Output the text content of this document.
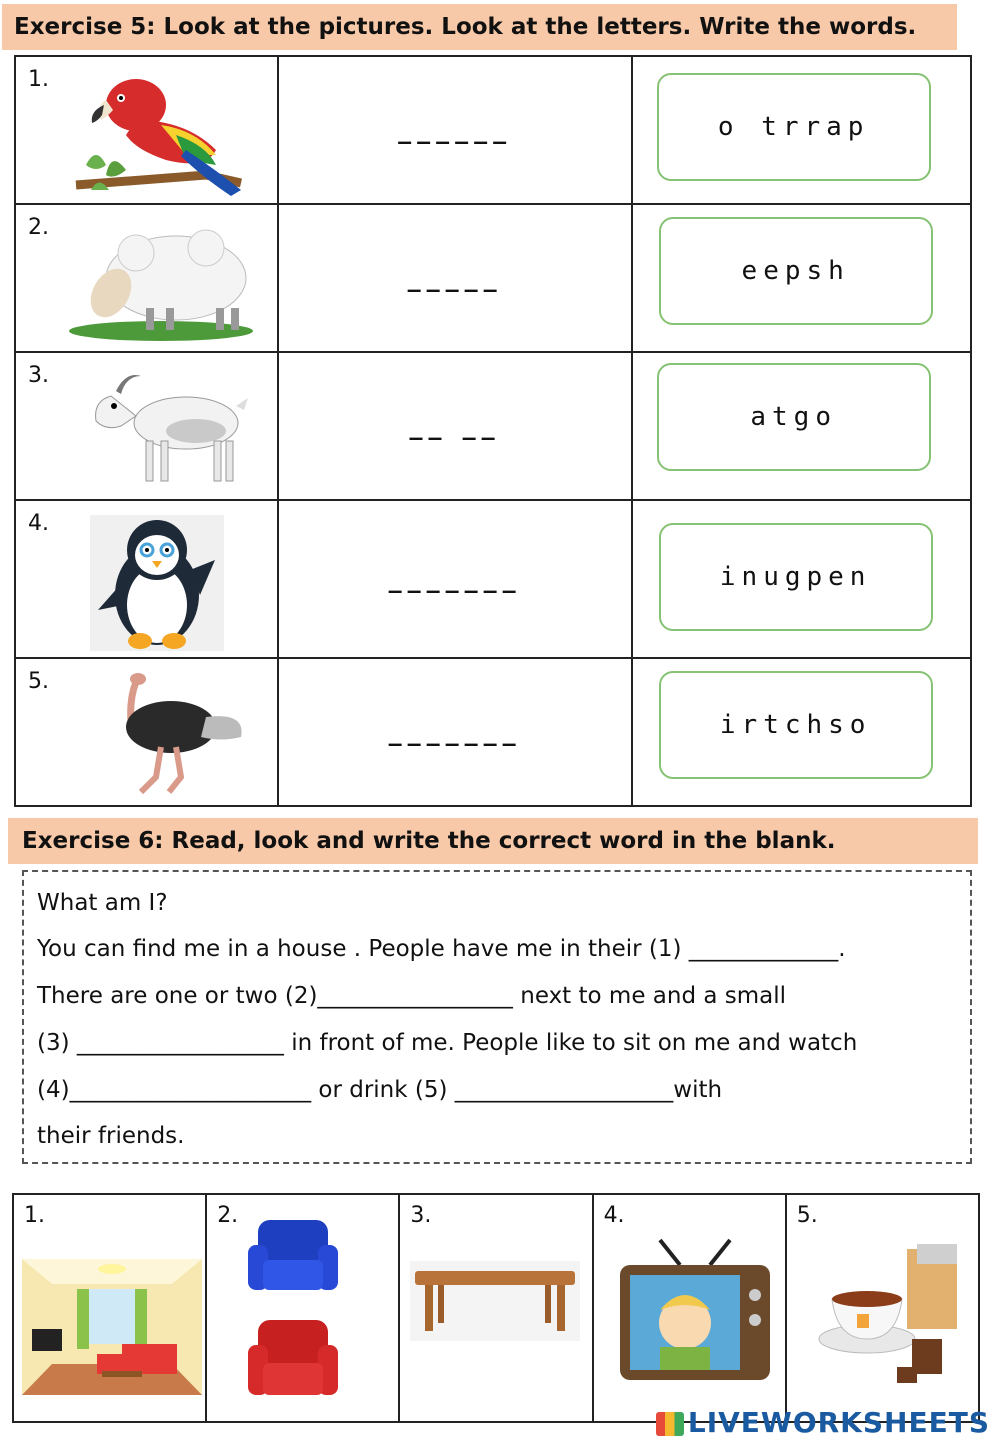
Exercise 5: Look at the pictures. Look at the letters. Write the words.
1.	______	o trrap

2.	_____	eepsh

3.	__ __	atgo

4.	_______	inugpen

5.	_______	irtchso
Exercise 6: Read, look and write the correct word in the blank.
What am I?
You can find me in a house . People have me in their (1) _____________.
There are one or two (2)_________________ next to me and a small
(3) __________________ in front of me. People like to sit on me and watch
(4)_____________________ or drink (5) ___________________with
their friends.
1.	2.	3.	4.	5.
LIVEWORKSHEETS
